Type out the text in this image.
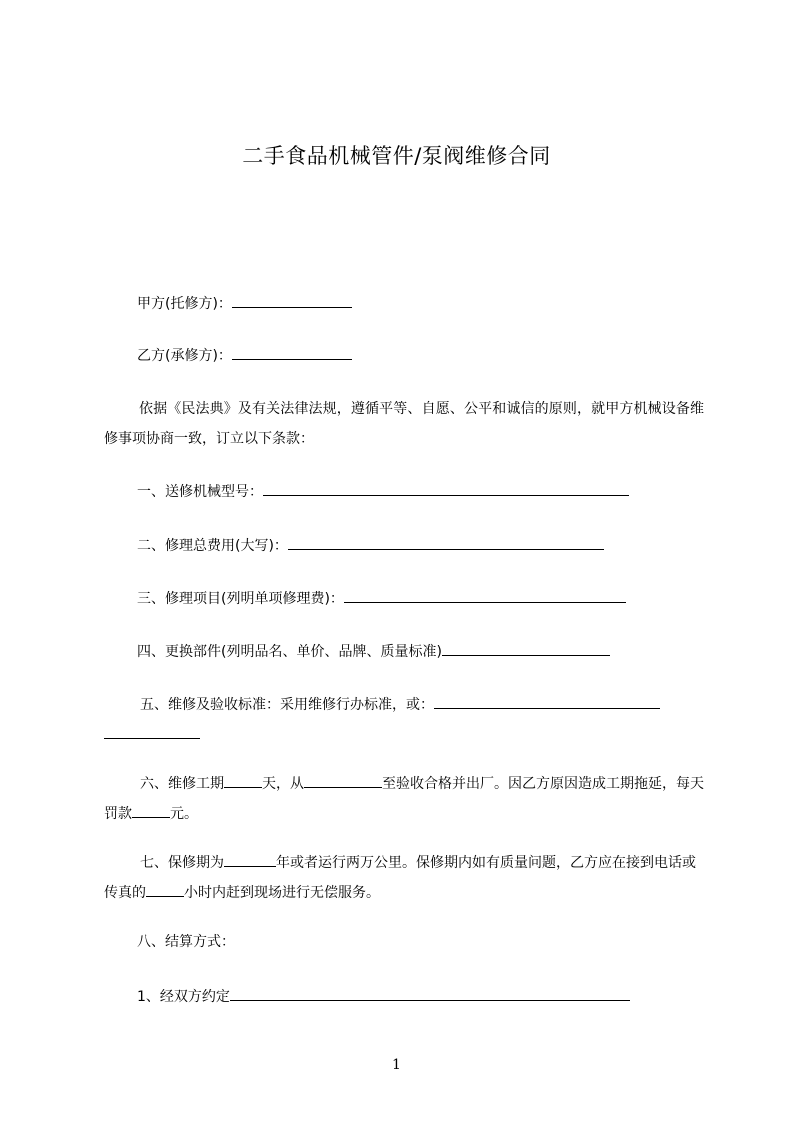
二手食品机械管件/泵阀维修合同
甲方(托修方)：
乙方(承修方)：
依据《民法典》及有关法律法规，遵循平等、自愿、公平和诚信的原则，就甲方机械设备维修事项协商一致，订立以下条款：
一、送修机械型号：
二、修理总费用(大写)：
三、修理项目(列明单项修理费)：
四、更换部件(列明品名、单价、品牌、质量标准)
五、维修及验收标准：采用维修行办标准，或：
六、维修工期	天，从	至验收合格并出厂。因乙方原因造成工期拖延，每天罚款	元。
七、保修期为	年或者运行两万公里。保修期内如有质量问题，乙方应在接到电话或传真的	小时内赶到现场进行无偿服务。
八、结算方式：
1、经双方约定
1
